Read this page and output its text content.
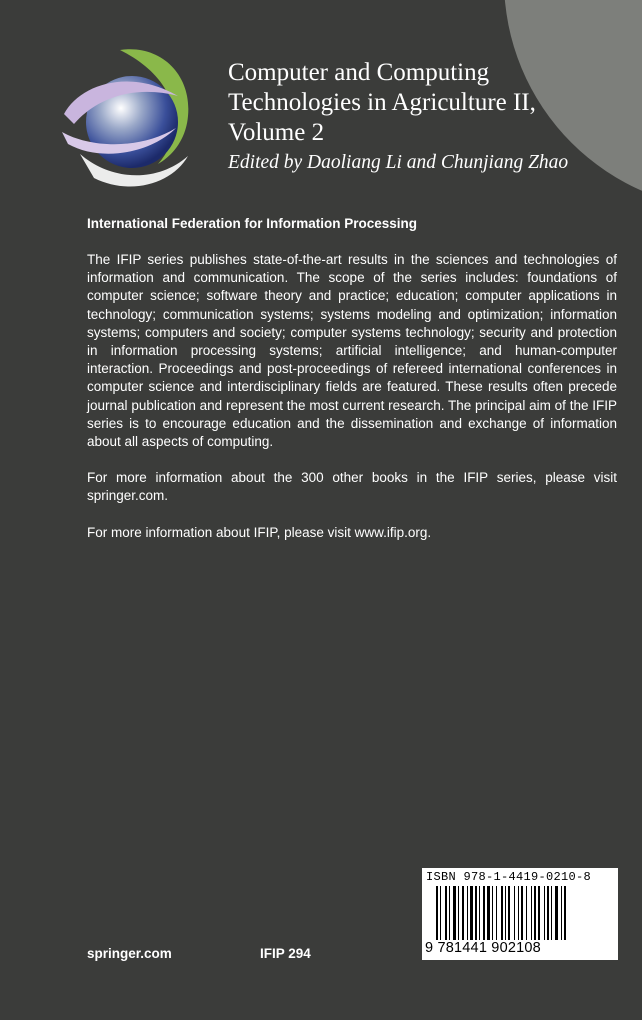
Computer and Computing
Technologies in Agriculture II,
Volume 2
Edited by Daoliang Li and Chunjiang Zhao

International Federation for Information Processing

The IFIP series publishes state-of-the-art results in the sciences and technologies of information and communication. The scope of the series includes: foundations of computer science; software theory and practice; education; computer applications in technology; communication systems; systems modeling and optimization; information systems; computers and society; computer systems technology; security and protection in information processing systems; artificial intelligence; and human-computer interaction. Proceedings and post-proceedings of refereed international conferences in computer science and interdisciplinary fields are featured. These results often precede journal publication and represent the most current research. The principal aim of the IFIP series is to encourage education and the dissemination and exchange of information about all aspects of computing.

For more information about the 300 other books in the IFIP series, please visit springer.com.

For more information about IFIP, please visit www.ifip.org.

springer.com	IFIP 294
ISBN 978-1-4419-0210-8
9 781441 902108
